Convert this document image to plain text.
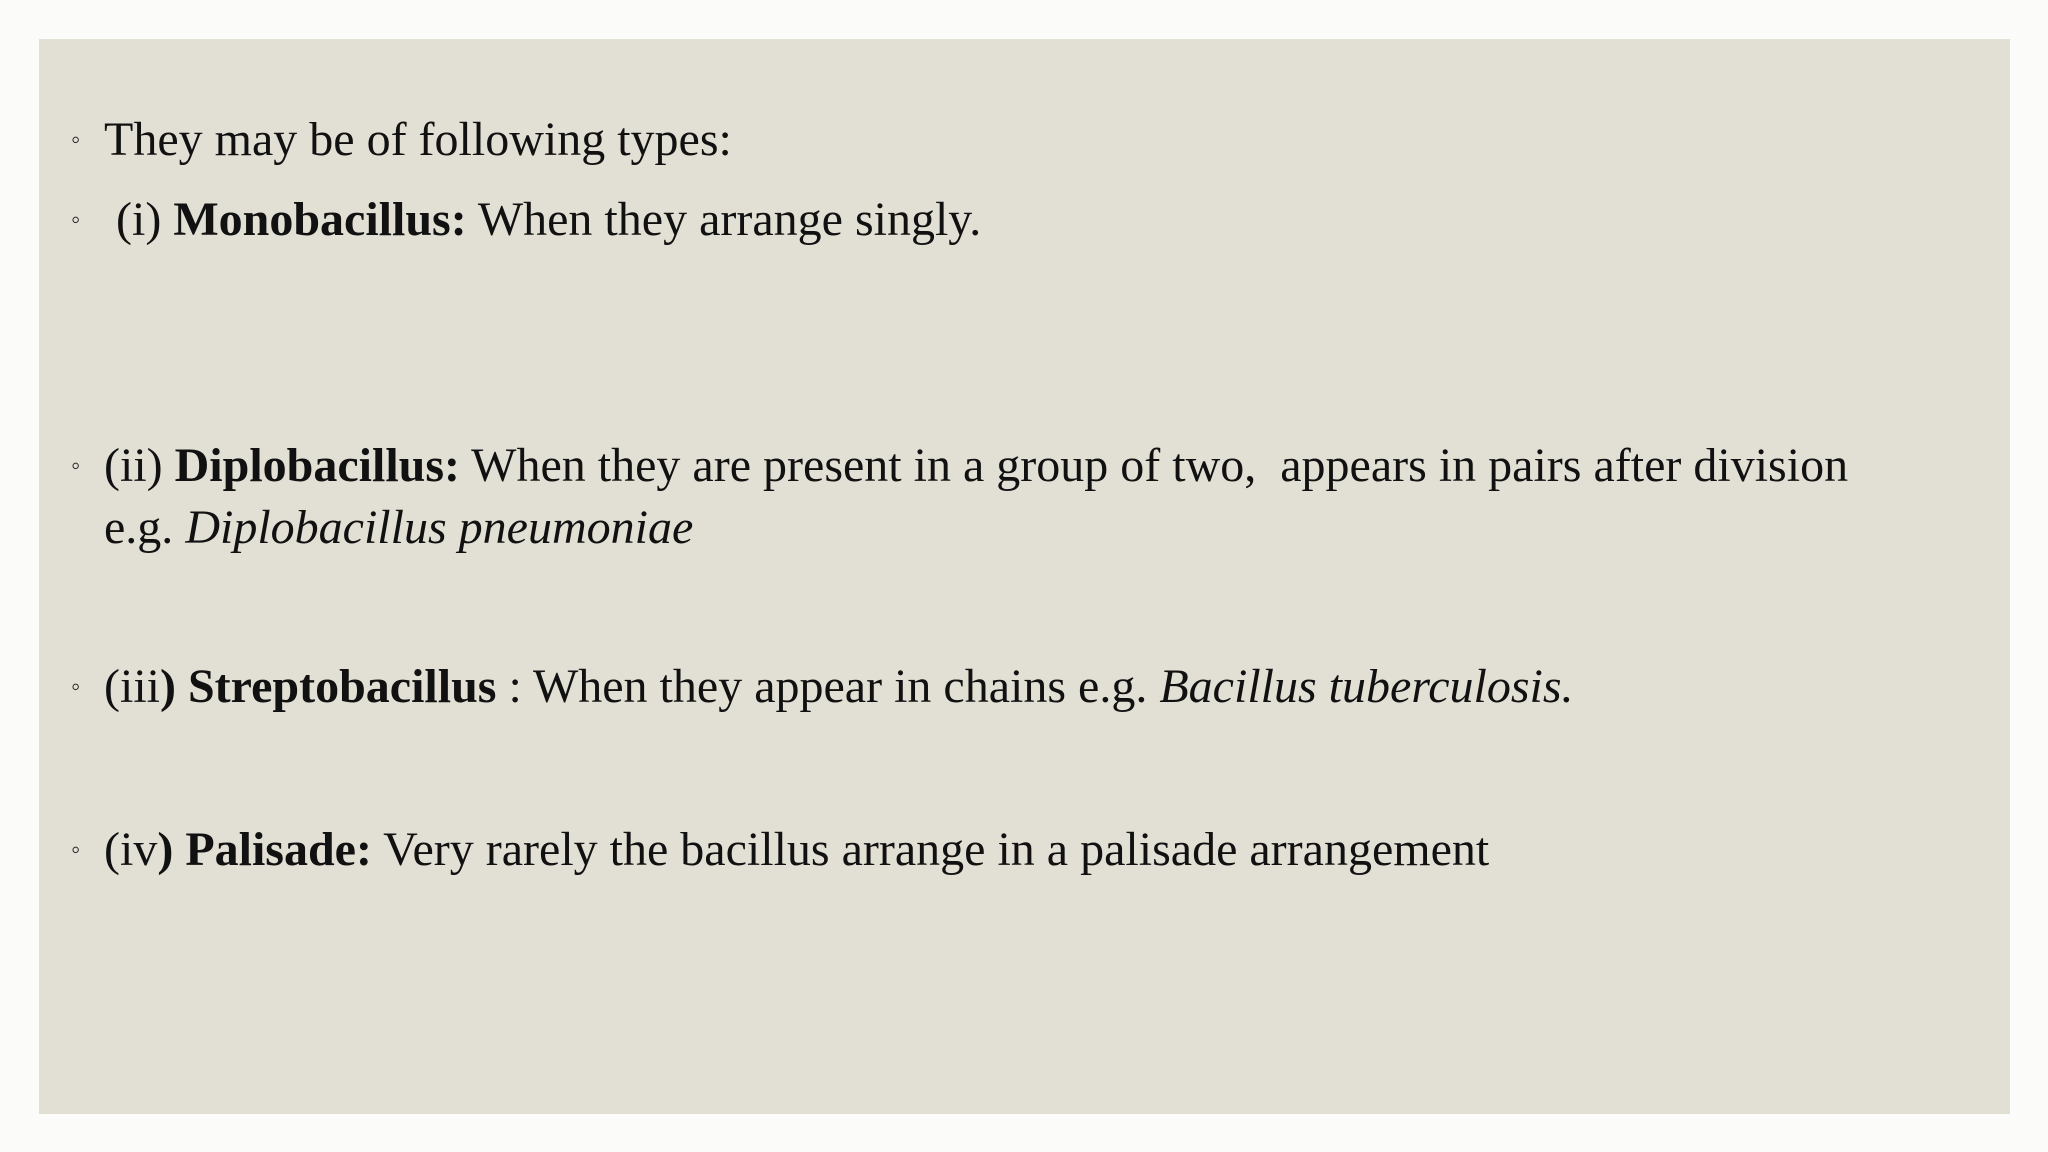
◦ They may be of following types:
◦ (i) Monobacillus: When they arrange singly.
◦ (ii) Diplobacillus: When they are present in a group of two,  appears in pairs after division  e.g. Diplobacillus pneumoniae
◦ (iii) Streptobacillus : When they appear in chains e.g. Bacillus tuberculosis.
◦ (iv) Palisade: Very rarely the bacillus arrange in a palisade arrangement
